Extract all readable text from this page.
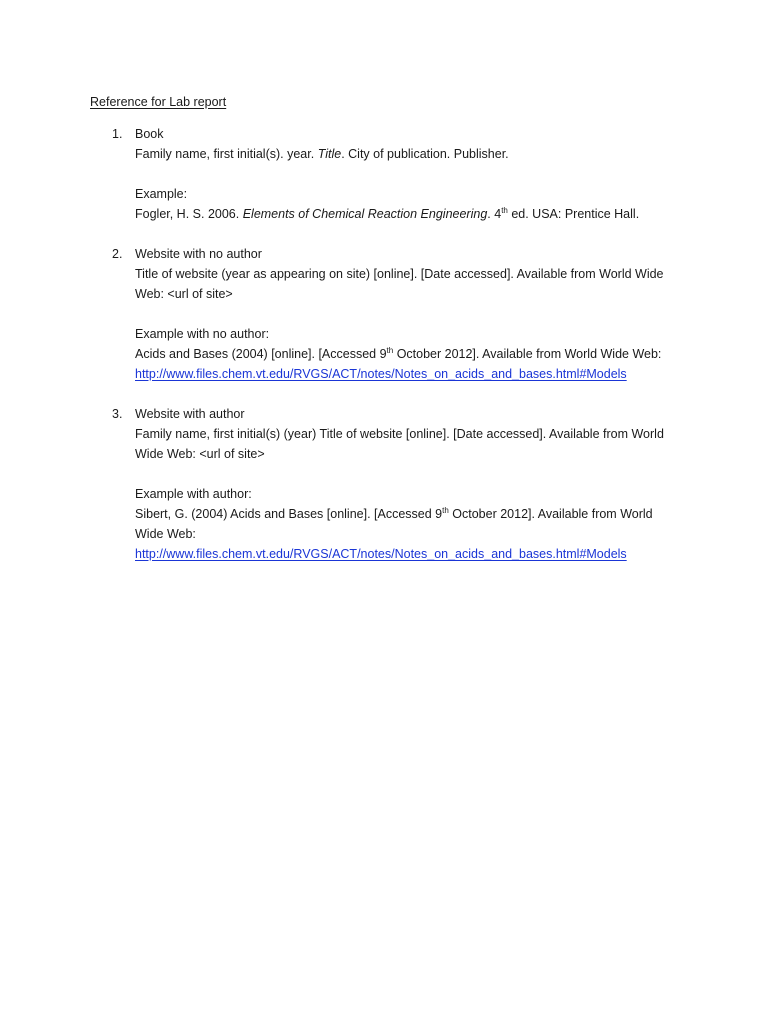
Reference for Lab report
1. Book
Family name, first initial(s). year. Title. City of publication. Publisher.
Example:
Fogler, H. S. 2006. Elements of Chemical Reaction Engineering. 4th ed. USA: Prentice Hall.
2. Website with no author
Title of website (year as appearing on site) [online]. [Date accessed]. Available from World Wide Web: <url of site>
Example with no author:
Acids and Bases (2004) [online]. [Accessed 9th October 2012]. Available from World Wide Web:
http://www.files.chem.vt.edu/RVGS/ACT/notes/Notes_on_acids_and_bases.html#Models
3. Website with author
Family name, first initial(s) (year) Title of website [online]. [Date accessed]. Available from World Wide Web: <url of site>
Example with author:
Sibert, G. (2004) Acids and Bases [online]. [Accessed 9th October 2012]. Available from World Wide Web:
http://www.files.chem.vt.edu/RVGS/ACT/notes/Notes_on_acids_and_bases.html#Models
